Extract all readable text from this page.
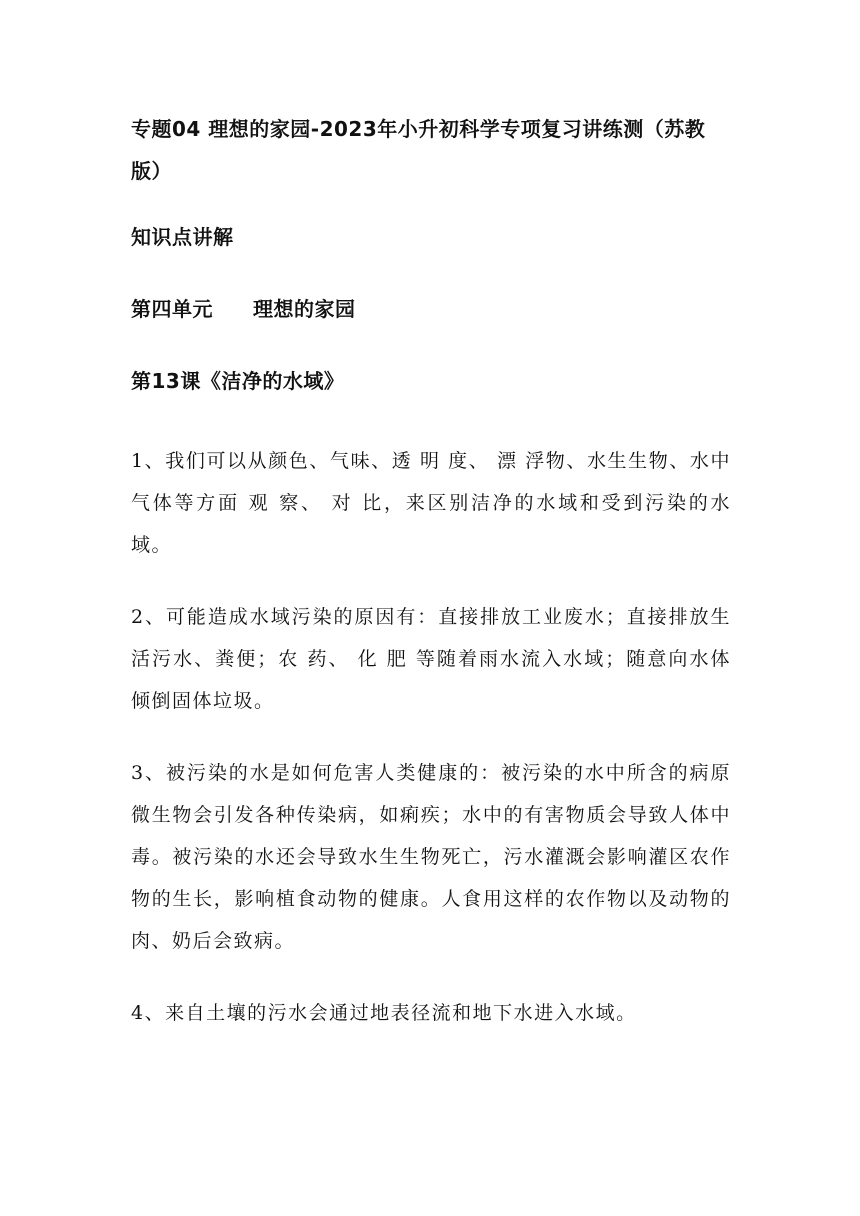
专题04 理想的家园-2023年小升初科学专项复习讲练测（苏教版）

知识点讲解

第四单元 理想的家园

第13课《洁净的水域》

1、我们可以从颜色、气味、透 明 度、 漂 浮物、水生生物、水中气体等方面 观 察、 对 比，来区别洁净的水域和受到污染的水域。

2、可能造成水域污染的原因有：直接排放工业废水；直接排放生活污水、粪便；农 药、 化 肥 等随着雨水流入水域；随意向水体倾倒固体垃圾。

3、被污染的水是如何危害人类健康的：被污染的水中所含的病原微生物会引发各种传染病，如痢疾；水中的有害物质会导致人体中毒。被污染的水还会导致水生生物死亡，污水灌溉会影响灌区农作物的生长，影响植食动物的健康。人食用这样的农作物以及动物的肉、奶后会致病。

4、来自土壤的污水会通过地表径流和地下水进入水域。
